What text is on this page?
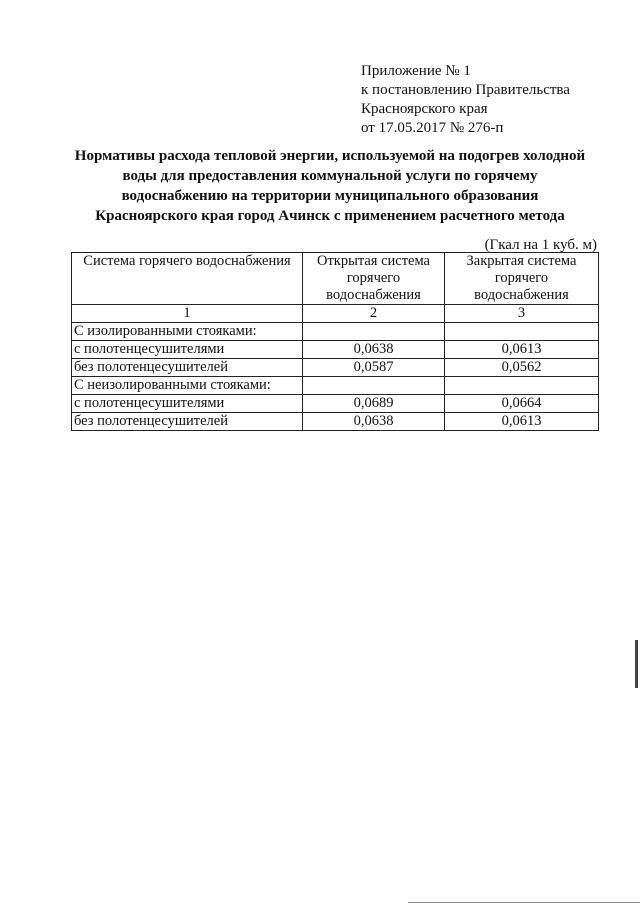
Приложение № 1
к постановлению Правительства
Красноярского края
от 17.05.2017 № 276-п
Нормативы расхода тепловой энергии, используемой на подогрев холодной
воды для предоставления коммунальной услуги по горячему
водоснабжению на территории муниципального образования
Красноярского края город Ачинск с применением расчетного метода
(Гкал на 1 куб. м)
Система горячего водоснабжения	Открытая система горячего водоснабжения	Закрытая система горячего водоснабжения
1	2	3
С изолированными стояками:		
с полотенцесушителями	0,0638	0,0613
без полотенцесушителей	0,0587	0,0562
С неизолированными стояками:		
с полотенцесушителями	0,0689	0,0664
без полотенцесушителей	0,0638	0,0613
